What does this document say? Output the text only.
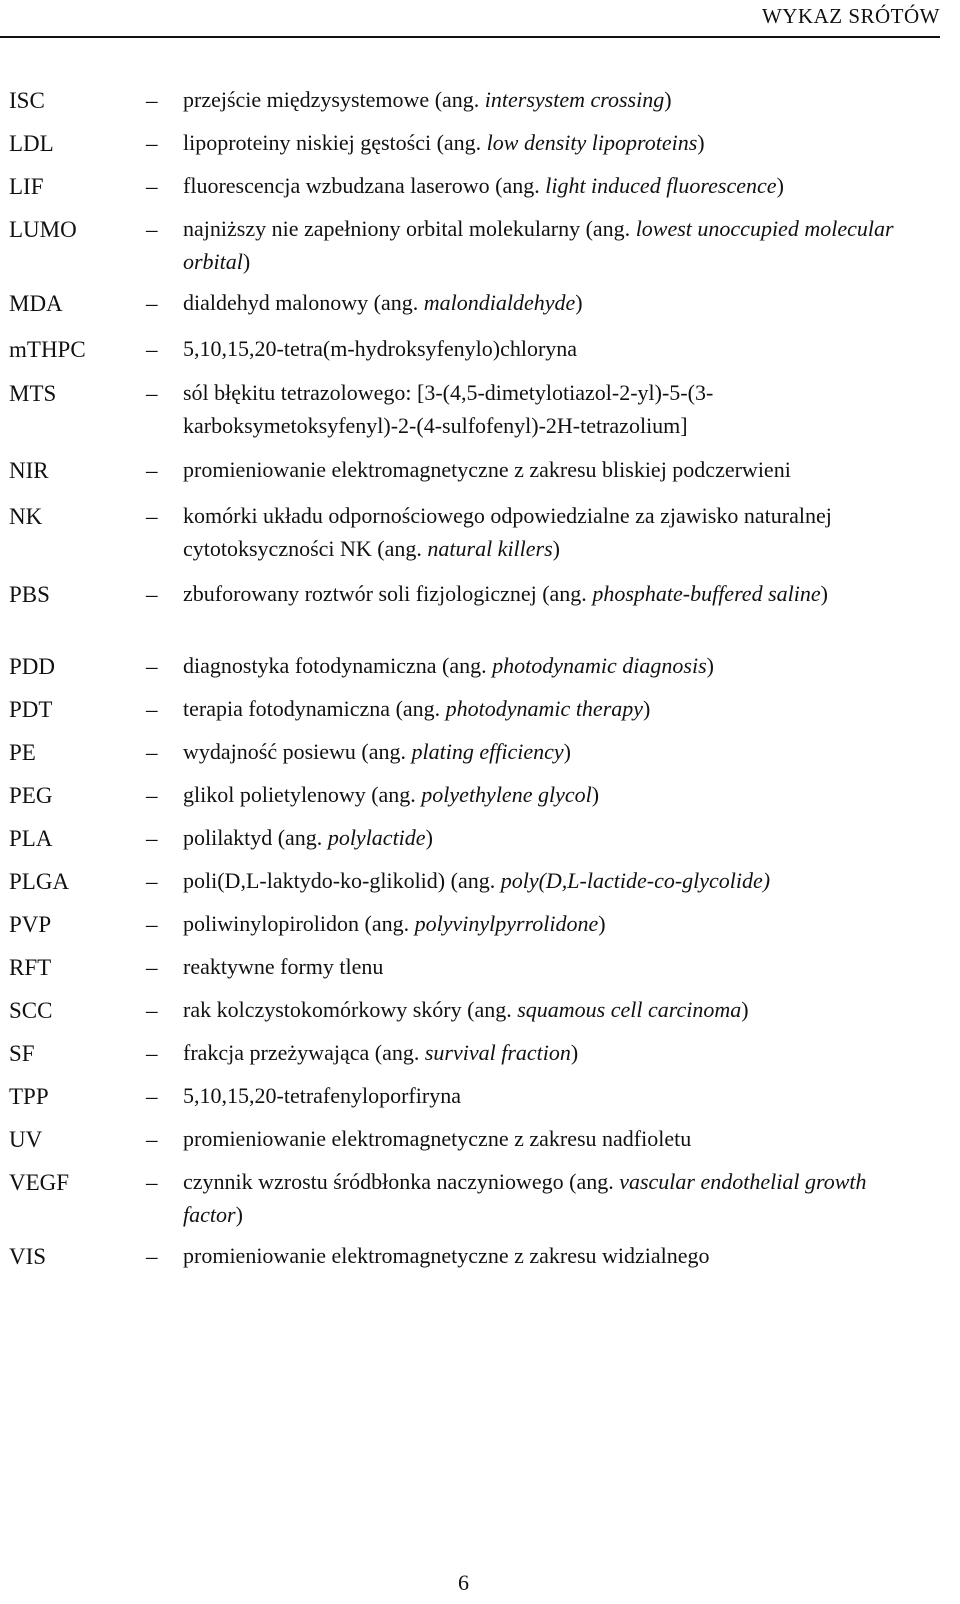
WYKAZ SRÓTÓW
ISC	– przejście międzysystemowe (ang. intersystem crossing)
LDL	– lipoproteiny niskiej gęstości (ang. low density lipoproteins)
LIF	– fluorescencja wzbudzana laserowo (ang. light induced fluorescence)
LUMO	– najniższy nie zapełniony orbital molekularny (ang. lowest unoccupied molecular orbital)
MDA	– dialdehyd malonowy (ang. malondialdehyde)
mTHPC	– 5,10,15,20-tetra(m-hydroksyfenylo)chloryna
MTS	– sól błękitu tetrazolowego: [3-(4,5-dimetylotiazol-2-yl)-5-(3-karboksymetoksyfenyl)-2-(4-sulfofenyl)-2H-tetrazolium]
NIR	– promieniowanie elektromagnetyczne z zakresu bliskiej podczerwieni
NK	– komórki układu odpornościowego odpowiedzialne za zjawisko naturalnej cytotoksyczności NK (ang. natural killers)
PBS	– zbuforowany roztwór soli fizjologicznej (ang. phosphate-buffered saline)
PDD	– diagnostyka fotodynamiczna (ang. photodynamic diagnosis)
PDT	– terapia fotodynamiczna (ang. photodynamic therapy)
PE	– wydajność posiewu (ang. plating efficiency)
PEG	– glikol polietylenowy (ang. polyethylene glycol)
PLA	– polilaktyd (ang. polylactide)
PLGA	– poli(D,L-laktydo-ko-glikolid) (ang. poly(D,L-lactide-co-glycolide)
PVP	– poliwinylopirolidon (ang. polyvinylpyrrolidone)
RFT	– reaktywne formy tlenu
SCC	– rak kolczystokomórkowy skóry (ang. squamous cell carcinoma)
SF	– frakcja przeżywająca (ang. survival fraction)
TPP	– 5,10,15,20-tetrafenyloporfiryna
UV	– promieniowanie elektromagnetyczne z zakresu nadfioletu
VEGF	– czynnik wzrostu śródbłonka naczyniowego (ang. vascular endothelial growth factor)
VIS	– promieniowanie elektromagnetyczne z zakresu widzialnego
6
